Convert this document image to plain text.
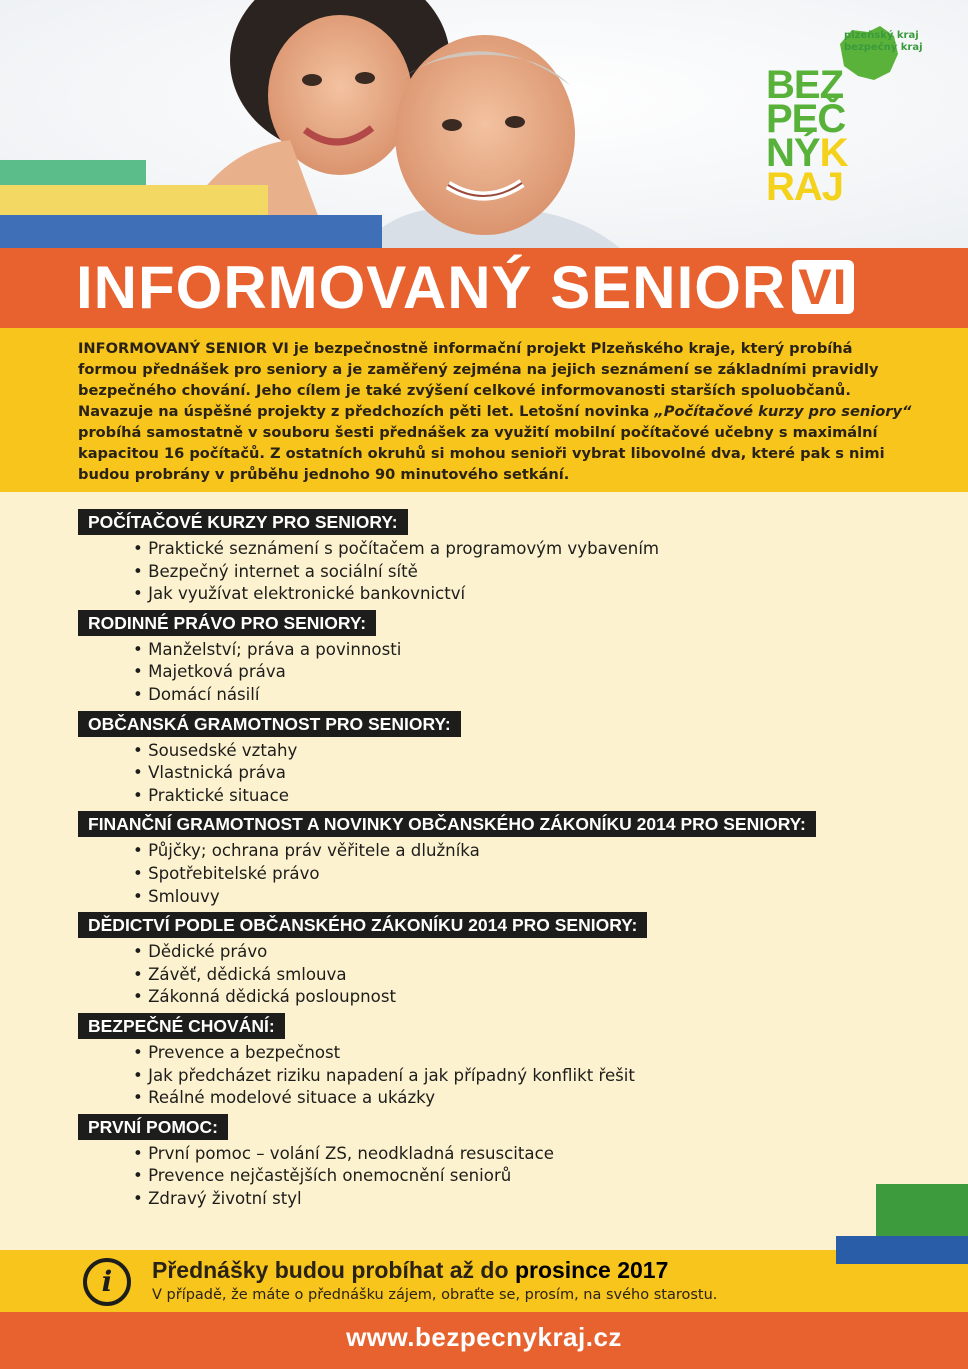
plzeňský kraj
bezpečný kraj
BEZ
PEČ
NÝK
RAJ
INFORMOVANÝ SENIOR VI

INFORMOVANÝ SENIOR VI je bezpečnostně informační projekt Plzeňského kraje, který probíhá formou přednášek pro seniory a je zaměřený zejména na jejich seznámení se základními pravidly bezpečného chování. Jeho cílem je také zvýšení celkové informovanosti starších spoluobčanů. Navazuje na úspěšné projekty z předchozích pěti let. Letošní novinka „Počítačové kurzy pro seniory“ probíhá samostatně v souboru šesti přednášek za využití mobilní počítačové učebny s maximální kapacitou 16 počítačů. Z ostatních okruhů si mohou senioři vybrat libovolné dva, které pak s nimi budou probrány v průběhu jednoho 90 minutového setkání.

POČÍTAČOVÉ KURZY PRO SENIORY:
• Praktické seznámení s počítačem a programovým vybavením
• Bezpečný internet a sociální sítě
• Jak využívat elektronické bankovnictví
RODINNÉ PRÁVO PRO SENIORY:
• Manželství; práva a povinnosti
• Majetková práva
• Domácí násilí
OBČANSKÁ GRAMOTNOST PRO SENIORY:
• Sousedské vztahy
• Vlastnická práva
• Praktické situace
FINANČNÍ GRAMOTNOST A NOVINKY OBČANSKÉHO ZÁKONÍKU 2014 PRO SENIORY:
• Půjčky; ochrana práv věřitele a dlužníka
• Spotřebitelské právo
• Smlouvy
DĚDICTVÍ PODLE OBČANSKÉHO ZÁKONÍKU 2014 PRO SENIORY:
• Dědické právo
• Závěť, dědická smlouva
• Zákonná dědická posloupnost
BEZPEČNÉ CHOVÁNÍ:
• Prevence a bezpečnost
• Jak předcházet riziku napadení a jak případný konflikt řešit
• Reálné modelové situace a ukázky
PRVNÍ POMOC:
• První pomoc – volání ZS, neodkladná resuscitace
• Prevence nejčastějších onemocnění seniorů
• Zdravý životní styl
i	Přednášky budou probíhat až do prosince 2017
V případě, že máte o přednášku zájem, obraťte se, prosím, na svého starostu.
www.bezpecnykraj.cz
